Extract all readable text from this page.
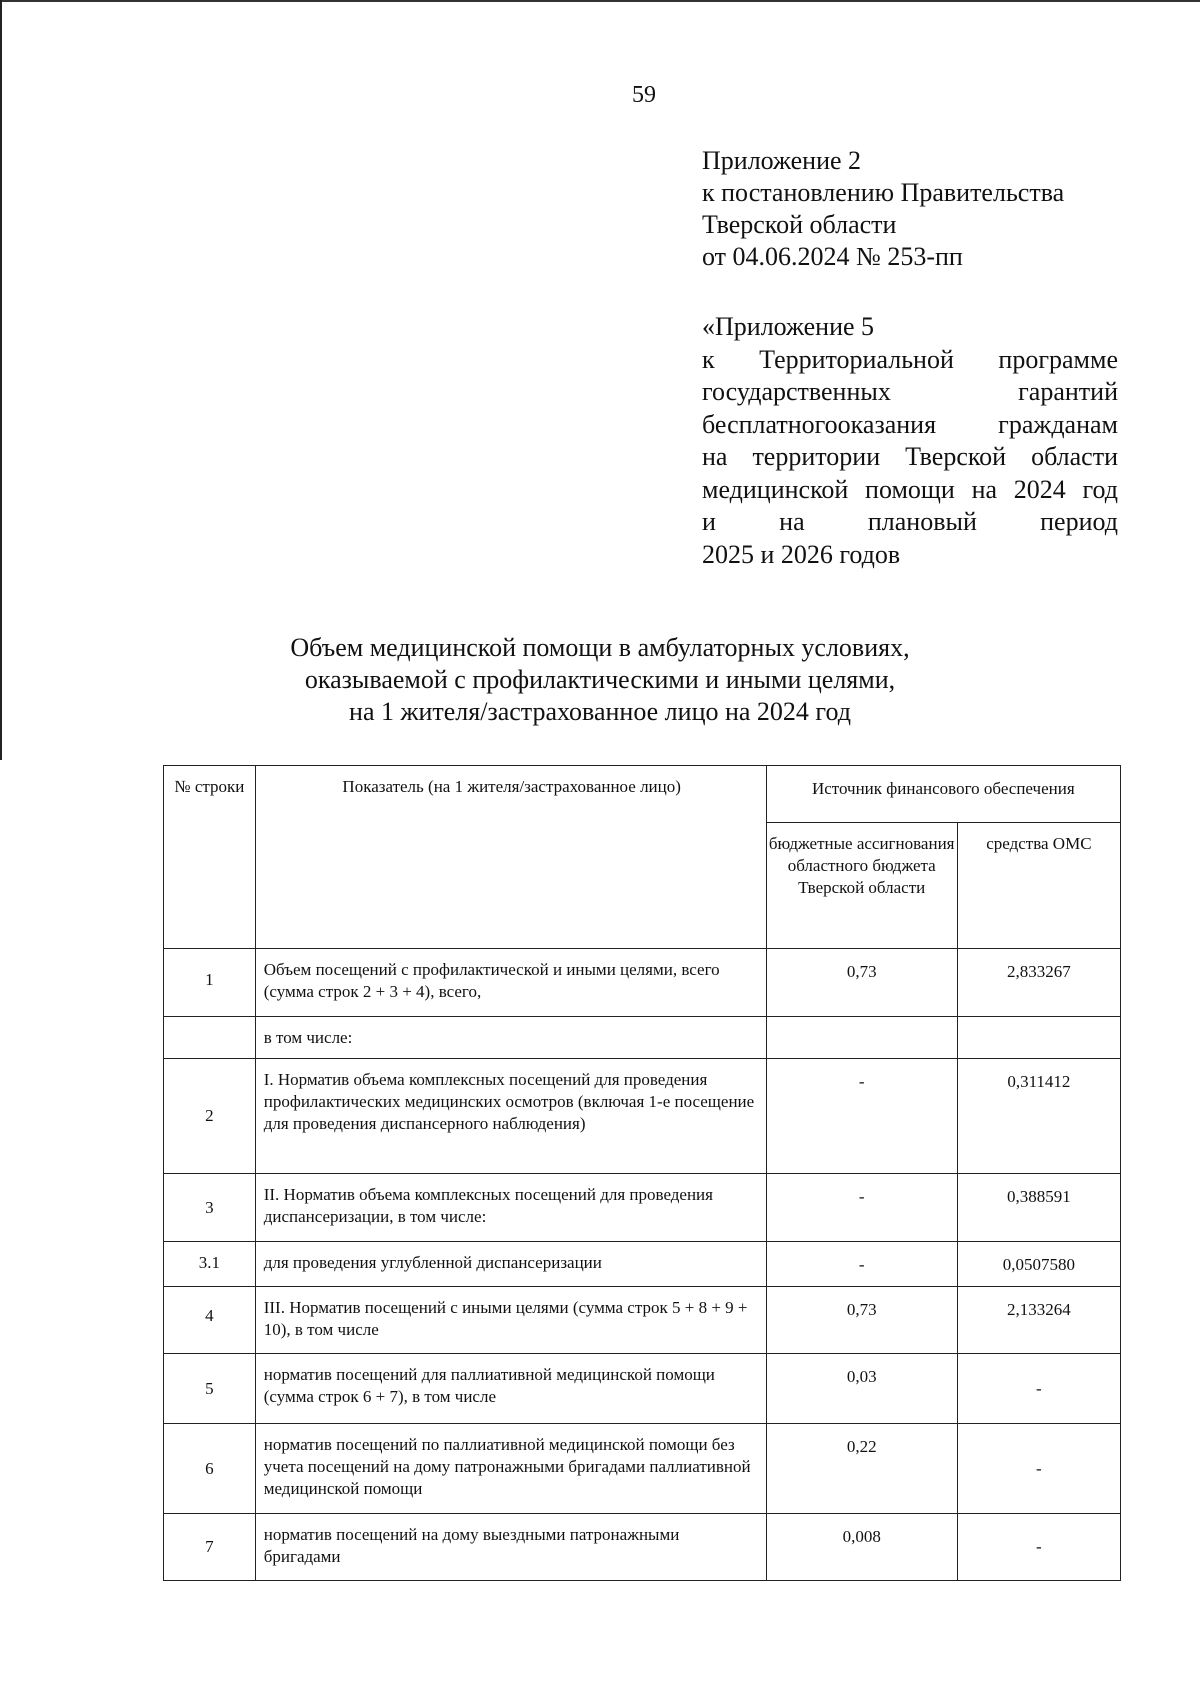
59
Приложение 2
к постановлению Правительства
Тверской области
от 04.06.2024 № 253-пп
«Приложение 5
к Территориальной программе
государственных	гарантий
бесплатногооказания гражданам
на территории Тверской области
медицинской помощи на 2024 год
и на плановый период
2025 и 2026 годов
Объем медицинской помощи в амбулаторных условиях,
оказываемой с профилактическими и иными целями,
на 1 жителя/застрахованное лицо на 2024 год
№ строки	Показатель (на 1 жителя/застрахованное лицо)	Источник финансового обеспечения	
		бюджетные ассигнования областного бюджета Тверской области	средства ОМС
1	Объем посещений с профилактической и иными целями, всего (сумма строк 2 + 3 + 4), всего,	0,73	2,833267
	в том числе:		
2	I. Норматив объема комплексных посещений для проведения профилактических медицинских осмотров (включая 1-е посещение для проведения диспансерного наблюдения)	-	0,311412
3	II. Норматив объема комплексных посещений для проведения диспансеризации, в том числе:	-	0,388591
3.1	для проведения углубленной диспансеризации	-	0,0507580
4	III. Норматив посещений с иными целями (сумма строк 5 + 8 + 9 + 10), в том числе	0,73	2,133264
5	норматив посещений для паллиативной медицинской помощи (сумма строк 6 + 7), в том числе	0,03	-
6	норматив посещений по паллиативной медицинской помощи без учета посещений на дому патронажными бригадами паллиативной медицинской помощи	0,22	-
7	норматив посещений на дому выездными патронажными бригадами	0,008	-
